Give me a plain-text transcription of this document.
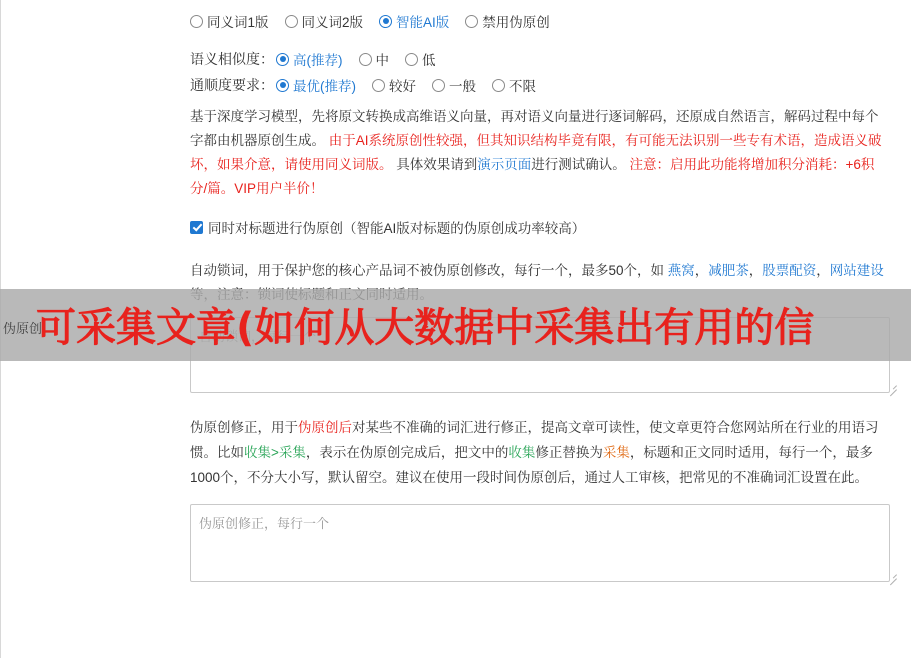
同义词1版 同义词2版 智能AI版 禁用伪原创
语义相似度： 高(推荐) 中 低
通顺度要求： 最优(推荐) 较好 一般 不限
基于深度学习模型，先将原文转换成高维语义向量，再对语义向量进行逐词解码，还原成自然语言，解码过程中每个字都由机器原创生成。 由于AI系统原创性较强，但其知识结构毕竟有限，有可能无法识别一些专有术语，造成语义破坏，如果介意，请使用同义词版。 具体效果请到演示页面进行测试确认。 注意：启用此功能将增加积分消耗：+6积分/篇。VIP用户半价！
同时对标题进行伪原创（智能AI版对标题的伪原创成功率较高）
自动锁词，用于保护您的核心产品词不被伪原创修改，每行一个，最多50个，如 燕窝，减肥茶，股票配资，网站建设
自动锁词，每行一个
伪原创修正，用于伪原创后对某些不准确的词汇进行修正，提高文章可读性，使文章更符合您网站所在行业的用语习惯。比如收集>采集，表示在伪原创完成后，把文中的收集修正替换为采集，标题和正文同时适用，每行一个，最多1000个，不分大小写，默认留空。建议在使用一段时间伪原创后，通过人工审核，把常见的不准确词汇设置在此。
伪原创修正，每行一个
可采集文章(如何从大数据中采集出有用的信
伪原创
